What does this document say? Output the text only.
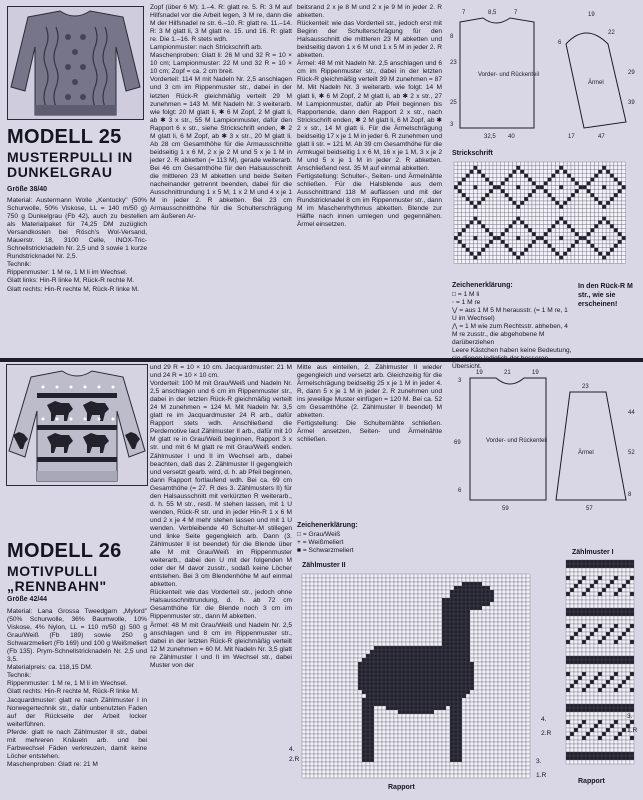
MODELL 25
MUSTERPULLI IN DUNKELGRAU
Größe 38/40
Material: Austermann Wolle „Kentucky" (50% Schurwolle, 50% Viskose, LL = 140 m/50 g) 750 g Dunkelgrau (Fb 42), auch zu bestellen als Materialpaket für 74,25 DM zuzüglich Versandkosten bei Rösch's Wol-Versand, Mauerstr. 18, 3100 Celle, INOX-Tric-Schnellstricknadeln Nr. 2,5 und 3 sowie 1 kurze Rundstricknadel Nr. 2,5.
Technik:
Rippenmuster: 1 M re, 1 M li im Wechsel.
Glatt links: Hin-R linke M, Rück-R rechte M.
Glatt rechts: Hin-R rechte M, Rück-R linke M.
Zopf (über 6 M): 1.–4. R: glatt re. 5. R: 3 M auf Hilfsnadel vor die Arbeit legen, 3 M re, dann die M der Hilfsnadel re str. 6.–10. R: glatt re. 11.–14. R: 3 M glatt li, 3 M glatt re. 15. und 16. R: glatt re. Die 1.–16. R stets wdh.
Lampionmuster: nach Strickschrift arb.
Maschenproben: Glatt li: 26 M und 32 R = 10 × 10 cm; Lampionmuster: 22 M und 32 R = 10 × 10 cm; Zopf = ca. 2 cm breit.
Vorderteil: 114 M mit Nadeln Nr. 2,5 anschlagen und 3 cm im Rippenmuster str., dabei in der letzten Rück-R gleichmäßig verteilt 29 M zunehmen = 143 M. Mit Nadeln Nr. 3 weiterarb. wie folgt: 20 M glatt li, ✱ 6 M Zopf, 2 M glatt li, ab ✱ 3 x str., 55 M Lampionmuster, dafür den Rapport 6 x str., siehe Strickschrift enden, ✱ 2 M glatt li, 6 M Zopf, ab ✱ 3 x str., 20 M glatt li. Ab 28 cm Gesamthöhe für die Armausschnitte beidseitig 1 x 6 M, 2 x je 2 M und 5 x je 1 M in jeder 2. R abketten (= 113 M), gerade weiterarb. Bei 46 cm Gesamthöhe für den Halsausschnitt die mittleren 23 M abketten und beide Seiten nacheinander getrennt beenden, dabei für die Ausschnittrundung 1 x 5 M, 1 x 2 M und 4 x je 1 M in jeder 2. R abketten. Bei 23 cm Armausschnitthöhe für die Schulterschrägung am äußeren Ar-
beitsrand 2 x je 8 M und 2 x je 9 M in jeder 2. R abketten.
Rückenteil: wie das Vorderteil str., jedoch erst mit Beginn der Schulterschrägung für den Halsausschnitt die mittleren 23 M abketten und beidseitig davon 1 x 6 M und 1 x 5 M in jeder 2. R abketten.
Ärmel: 48 M mit Nadeln Nr. 2,5 anschlagen und 6 cm im Rippenmuster str., dabei in der letzten Rück-R gleichmäßig verteilt 39 M zunehmen = 87 M. Mit Nadeln Nr. 3 weiterarb. wie folgt: 14 M glatt li, ✱ 6 M Zopf, 2 M glatt li, ab ✱ 2 x str., 27 M Lampionmuster, dafür ab Pfeil beginnen bis Rapportende, dann den Rapport 2 x str., nach Strickschrift enden, ✱ 2 M glatt li, 6 M Zopf, ab ✱ 2 x str., 14 M glatt li. Für die Ärmelschrägung beidseitig 17 x je 1 M in jeder 6. R zunehmen und glatt li str. = 121 M. Ab 39 cm Gesamthöhe für die Armkugel beidseitig 1 x 6 M, 16 x je 1 M, 3 x je 2 M und 5 x je 1 M in jeder 2. R abketten. Anschließend rest. 35 M auf einmal abketten.
Fertigstellung: Schulter-, Seiten- und Ärmelnähte schließen. Für die Halsblende aus dem Ausschnittrand 118 M auffassen und mit der Rundstricknadel 8 cm im Rippenmuster str., dann M im Maschenrhythmus abketten. Blende zur Hälfte nach innen umlegen und gegennähen. Ärmel einsetzen.
Vorder- und Rückenteil
Ärmel
7	8,5	7	19
8
23
25
3
32,5 40
6
22
17	47
29
39
Strickschrift
Zeichenerklärung:
□ = 1 M li
⋅ = 1 M re
⋁ = aus 1 M 5 M herausstr. (= 1 M re, 1 U im Wechsel)
⋀ = 1 M wie zum Rechtsstr. abheben, 4 M re zusstr., die abgehobene M darüberziehen
Leere Kästchen haben keine Bedeutung, Übersicht.
In den Rück-R M str., wie sie erscheinen!
MODELL 26
MOTIVPULLI „RENNBAHN"
Größe 42/44
Material: Lana Grossa Tweedgarn „Mylord" (50% Schurwolle, 36% Baumwolle, 10% Viskose, 4% Nylon, LL = 110 m/50 g) 500 g Grau/Weiß (Fb 189) sowie 250 g Schwarzmeliert (Fb 169) und 100 g Weißmeliert (Fb 135). Prym-Schnellstricknadeln Nr. 2,5 und 3,5.
Materialpreis: ca. 118,15 DM.
Technik:
Rippenmuster: 1 M re, 1 M li im Wechsel.
Glatt rechts: Hin-R rechte M, Rück-R linke M.
Jacquardmuster: glatt re nach Zählmuster I in Norwegertechnik str., dafür unbenutzten Faden auf der Rückseite der Arbeit locker weiterführen.
Pferde: glatt re nach Zählmuster II str., dabei mit mehreren Knäueln arb. und bei Farbwechsel Fäden verkreuzen, damit keine Löcher entstehen.
Maschenproben: Glatt re: 21 M
und 29 R = 10 × 10 cm. Jacquardmuster: 21 M und 24 R = 10 × 10 cm.
Vorderteil: 100 M mit Grau/Weiß und Nadeln Nr. 2,5 anschlagen und 6 cm im Rippenmuster str., dabei in der letzten Rück-R gleichmäßig verteilt 24 M zunehmen = 124 M. Mit Nadeln Nr. 3,5 glatt re im Jacquardmuster 24 R arb., dafür Rapport stets wdh. Anschließend die Perdemotive laut Zählmuster II arb., dafür mit 10 M glatt re in Grau/Weiß beginnen, Rapport 3 x str. und mit 6 M glatt re mit Grau/Weiß enden. Zählmuster I und II im Wechsel arb., dabei beachten, daß das 2. Zählmuster II gegengleich und versetzt gearb. wird, d. h. ab Pfeil beginnen, dann Rapport fortlaufend wdh. Bei ca. 69 cm Gesamthöhe (= 27. R des 3. Zählmusters II) für den Halsausschnitt mit verkürzten R weiterarb., d. h. 55 M str., restl. M stehen lassen, mit 1 U wenden, Rück-R str. und in jeder Hin-R 1 x 6 M und 2 x je 4 M mehr stehen lassen und mit 1 U wenden. Verbleibende 40 Schulter-M stillegen und linke Seite gegengleich arb. Dann (3. Zählmuster II ist beendet) für die Blende über alle M mit Grau/Weiß im Rippenmuster weiterarb., dabei den U mit der folgenden M oder der M davor zusstr., sodaß keine Löcher entstehen. Bei 3 cm Blendenhöhe M auf einmal abketten.
Rückenteil: wie das Vorderteil str., jedoch ohne Halsausschnittrundung, d. h. ab 72 cm Gesamthöhe für die Blende noch 3 cm im Rippenmuster str., dann M abketten.
Ärmel: 48 M mit Grau/Weiß und Nadeln Nr. 2,5 anschlagen und 8 cm im Rippenmuster str., dabei in der letzten Rück-R gleichmäßig verteilt 12 M zunehmen = 60 M. Mit Nadeln Nr. 3,5 glatt re Zählmuster I und II im Wechsel str., dabei Muster von der
Mitte aus einteilen, 2. Zählmuster II wieder gegengleich und versetzt arb. Gleichzeitig für die Ärmelschrägung beidseitig 25 x je 1 M in jeder 4. R, dann 5 x je 1 M in jeder 2. R zunehmen und ins jeweilige Muster einfügen = 120 M. Bei ca. 52 cm Gesamthöhe (2. Zählmuster II beendet) M abketten.
Fertigstellung: Die Schulternähte schließen. Ärmel ansetzen, Seiten- und Ärmelnähte schließen.	Vorder- und Rückenteil
Ärmel
19	21	19
69
6
3
59
23
57
8
52
44
Zeichenerklärung:
□ = Grau/Weiß
+ = Weißmeliert
■ = Schwarzmeliert
Zählmuster II
Rapport
4.
2.R	3.
1.R
Zählmuster I
Rapport
4.
2.R
3.
1.R
